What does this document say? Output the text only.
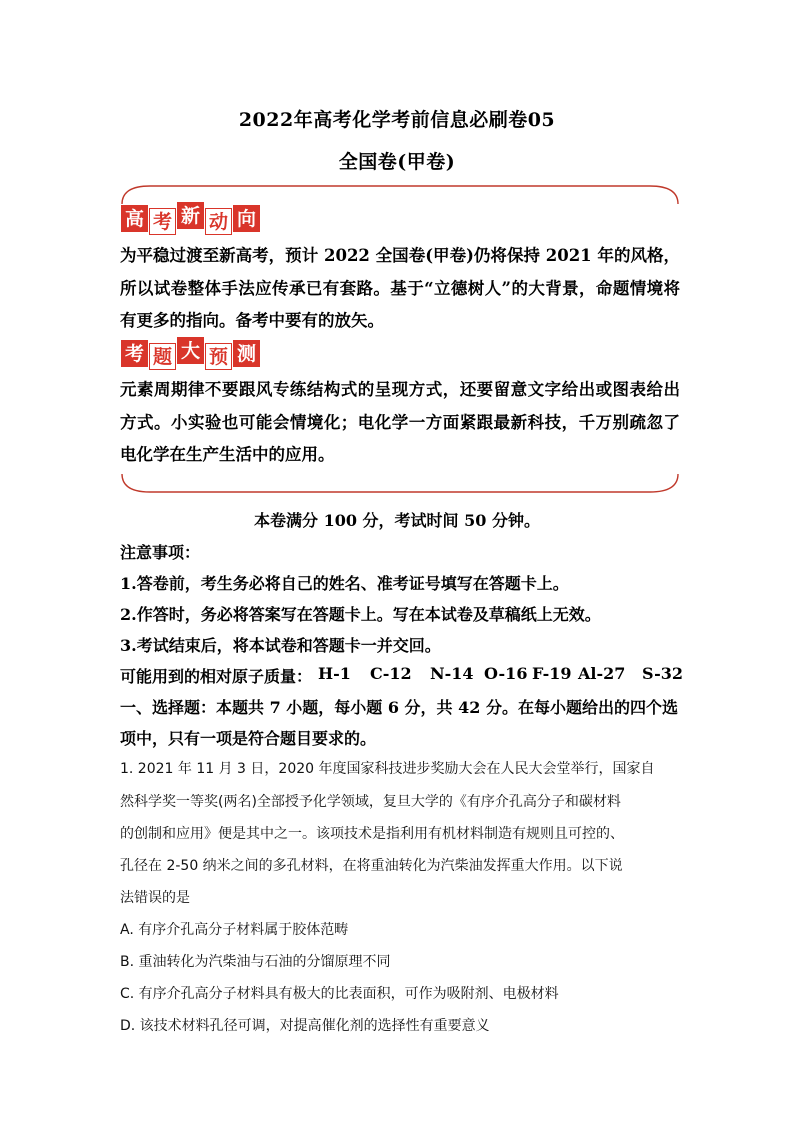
2022年高考化学考前信息必刷卷05
全国卷(甲卷)
高 考 新 动 向
为平稳过渡至新高考，预计 2022 全国卷(甲卷)仍将保持 2021 年的风格，所以试卷整体手法应传承已有套路。基于“立德树人”的大背景，命题情境将有更多的指向。备考中要有的放矢。
考 题 大 预 测
元素周期律不要跟风专练结构式的呈现方式，还要留意文字给出或图表给出方式。小实验也可能会情境化；电化学一方面紧跟最新科技，千万别疏忽了电化学在生产生活中的应用。
本卷满分 100 分，考试时间 50 分钟。
注意事项：
1.答卷前，考生务必将自己的姓名、准考证号填写在答题卡上。
2.作答时，务必将答案写在答题卡上。写在本试卷及草稿纸上无效。
3.考试结束后，将本试卷和答题卡一并交回。
可能用到的相对原子质量： H-1	C-12	N-14 O-16 F-19 Al-27	S-32
一、选择题：本题共 7 小题，每小题 6 分，共 42 分。在每小题给出的四个选
项中，只有一项是符合题目要求的。
1. 2021 年 11 月 3 日，2020 年度国家科技进步奖励大会在人民大会堂举行，国家自
然科学奖一等奖(两名)全部授予化学领域，复旦大学的《有序介孔高分子和碳材料
的创制和应用》便是其中之一。该项技术是指利用有机材料制造有规则且可控的、
孔径在 2-50 纳米之间的多孔材料，在将重油转化为汽柴油发挥重大作用。以下说
法错误的是
A. 有序介孔高分子材料属于胶体范畴
B. 重油转化为汽柴油与石油的分馏原理不同
C. 有序介孔高分子材料具有极大的比表面积，可作为吸附剂、电极材料
D. 该技术材料孔径可调，对提高催化剂的选择性有重要意义
